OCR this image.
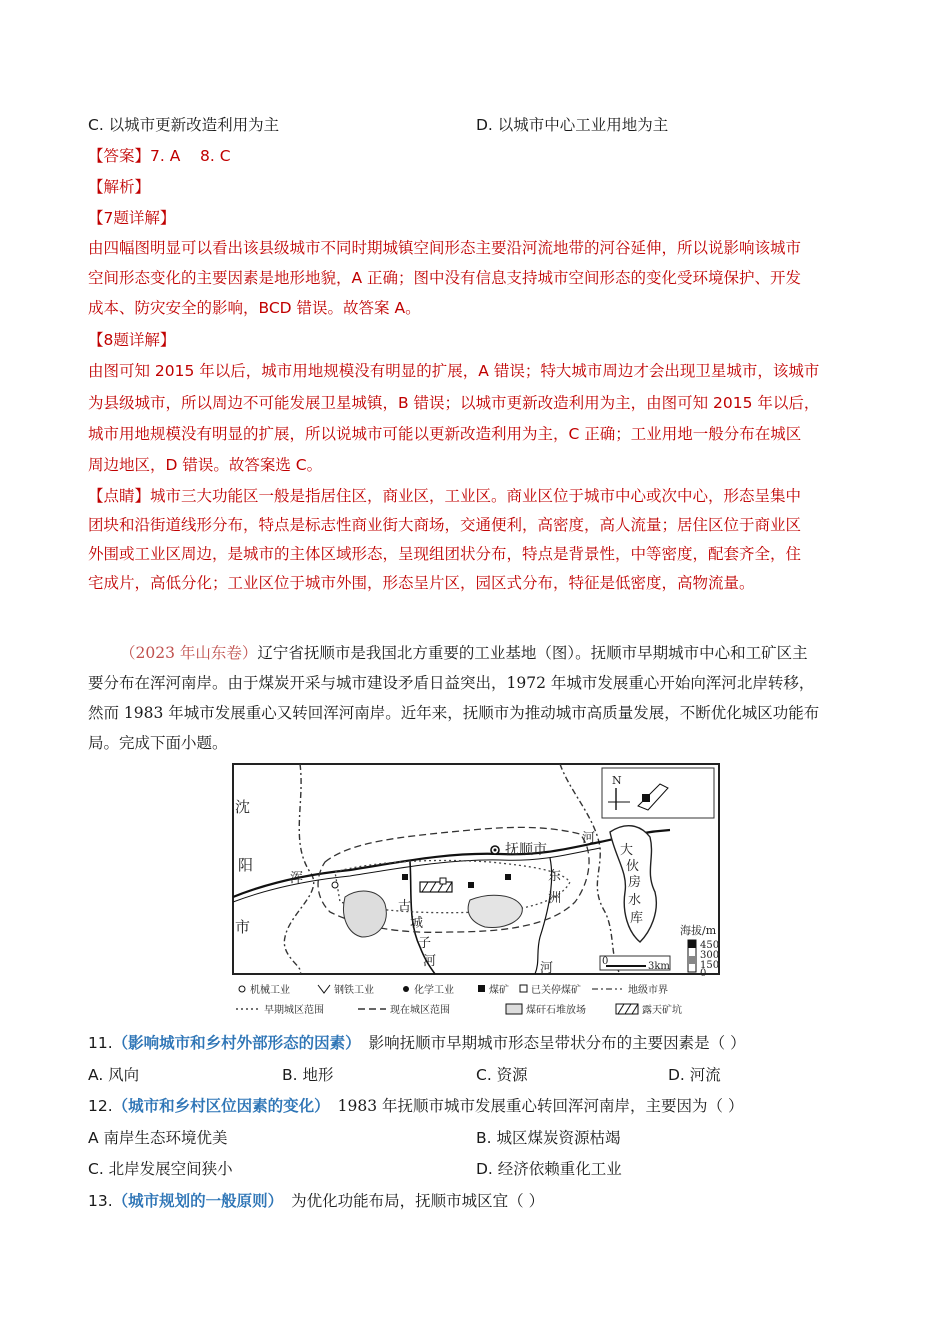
C. 以城市更新改造利用为主	D. 以城市中心工业用地为主
【答案】7. A    8. C
【解析】
【7题详解】
由四幅图明显可以看出该县级城市不同时期城镇空间形态主要沿河流地带的河谷延伸，所以说影响该城市
空间形态变化的主要因素是地形地貌，A 正确；图中没有信息支持城市空间形态的变化受环境保护、开发
成本、防灾安全的影响，BCD 错误。故答案 A。
【8题详解】
由图可知 2015 年以后，城市用地规模没有明显的扩展，A 错误；特大城市周边才会出现卫星城市，该城市
为县级城市，所以周边不可能发展卫星城镇，B 错误；以城市更新改造利用为主，由图可知 2015 年以后，
城市用地规模没有明显的扩展，所以说城市可能以更新改造利用为主，C 正确；工业用地一般分布在城区
周边地区，D 错误。故答案选 C。
【点睛】城市三大功能区一般是指居住区，商业区，工业区。商业区位于城市中心或次中心，形态呈集中
团块和沿街道线形分布，特点是标志性商业街大商场，交通便利，高密度，高人流量；居住区位于商业区
外围或工业区周边，是城市的主体区域形态，呈现组团状分布，特点是背景性，中等密度，配套齐全，住
宅成片，高低分化；工业区位于城市外围，形态呈片区，园区式分布，特征是低密度，高物流量。
（2023 年山东卷）辽宁省抚顺市是我国北方重要的工业基地（图）。抚顺市早期城市中心和工矿区主
要分布在浑河南岸。由于煤炭开采与城市建设矛盾日益突出，1972 年城市发展重心开始向浑河北岸转移，
然而 1983 年城市发展重心又转回浑河南岸。近年来，抚顺市为推动城市高质量发展，不断优化城区功能布
局。完成下面小题。
抚顺市
沈
阳
市
浑
河
东
洲
河
古
城
子
河
大
伙
房
水
库
N
海拔/m
450
300
150
0
0	3km
机械工业	钢铁工业	化学工业	煤矿 已关停煤矿	地级市界
早期城区范围	现在城区范围	煤矸石堆放场	露天矿坑
11.（影响城市和乡村外部形态的因素） 影响抚顺市早期城市形态呈带状分布的主要因素是（ ）
A. 风向	B. 地形	C. 资源	D. 河流
12.（城市和乡村区位因素的变化） 1983 年抚顺市城市发展重心转回浑河南岸，主要因为（ ）
A 南岸生态环境优美	B. 城区煤炭资源枯竭
C. 北岸发展空间狭小	D. 经济依赖重化工业
13.（城市规划的一般原则） 为优化功能布局，抚顺市城区宜（ ）
